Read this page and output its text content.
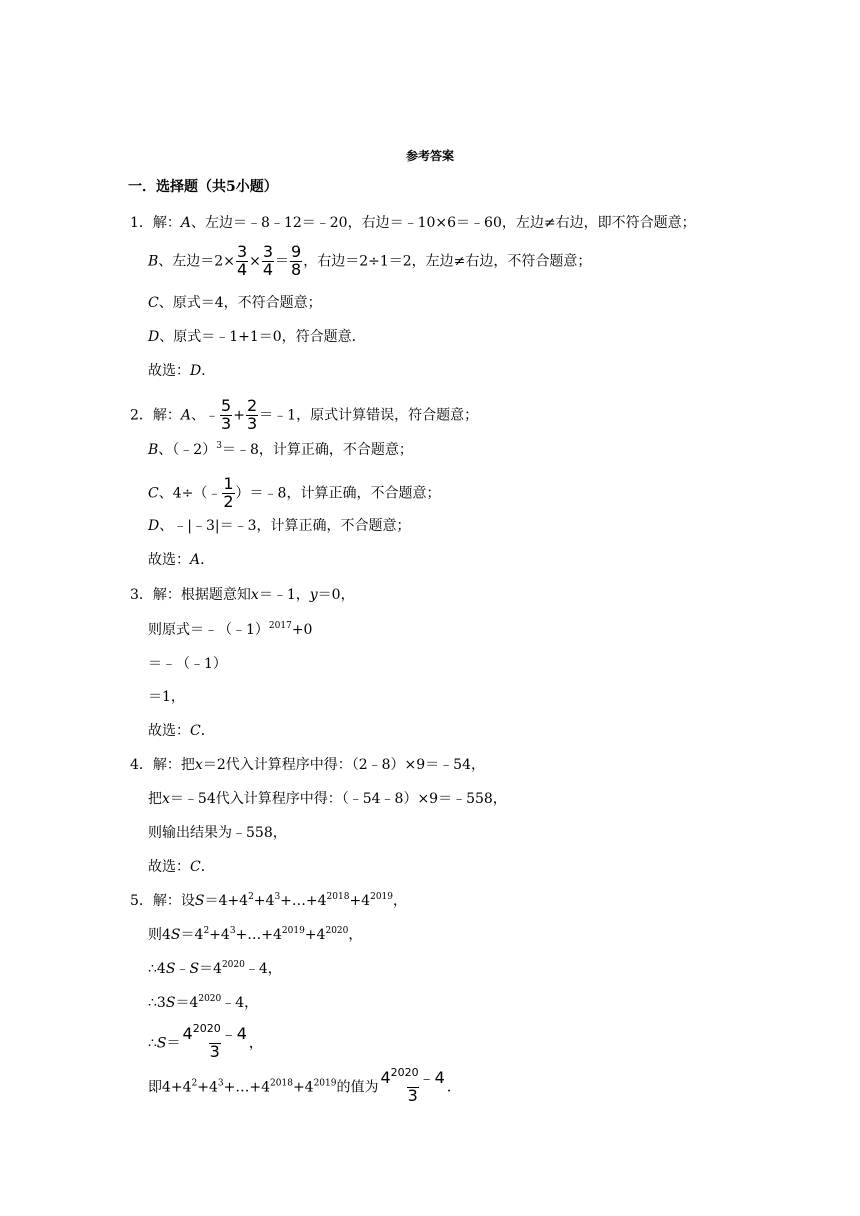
参考答案
一．选择题（共5小题）
1．解：A、左边＝﹣8﹣12＝﹣20，右边＝﹣10×6＝﹣60，左边≠右边，即不符合题意；
B、左边$=2\times \frac{3}{4} \times \frac{3}{4} = \frac{9}{8}$ ，右边＝2÷1＝2，左边≠右边，不符合题意；
C、原式＝4，不符合题意；
D、原式＝﹣1+1＝0，符合题意．
故选：D．
2．解：A、﹣ $\frac{5}{3} + \frac{2}{3}$ ＝﹣1，原式计算错误，符合题意；
B、（﹣2）$^3$＝﹣8，计算正确，不合题意；
C、4÷（﹣ $\frac{1}{2}$ ）＝﹣8，计算正确，不合题意；
D、﹣|﹣3|＝﹣3，计算正确，不合题意；
故选：A．
3．解：根据题意知x＝﹣1，y＝0，
则原式＝﹣（﹣1）$^{2017}$+0
＝﹣（﹣1）
＝1，
故选：C．
4．解：把x＝2代入计算程序中得：（2﹣8）×9＝﹣54，
把x＝﹣54代入计算程序中得：（﹣54﹣8）×9＝﹣558，
则输出结果为﹣558，
故选：C．
5．解：设$S=4+4^2+4^3+\dots+4^{2018}+4^{2019}$，
则$4S=4^2+4^3+\dots+4^{2019}+4^{2020}$，
$\therefore 4S﹣S=4^{2020}﹣4$，
$\therefore 3S=4^{2020}﹣4$，
∴S＝ $\frac{4^{2020}﹣4}{3}$ ，
即$4+4^2+4^3+\dots+4^{2018}+4^{2019}$的值为 $\frac{4^{2020}﹣4}{3}$ ．
